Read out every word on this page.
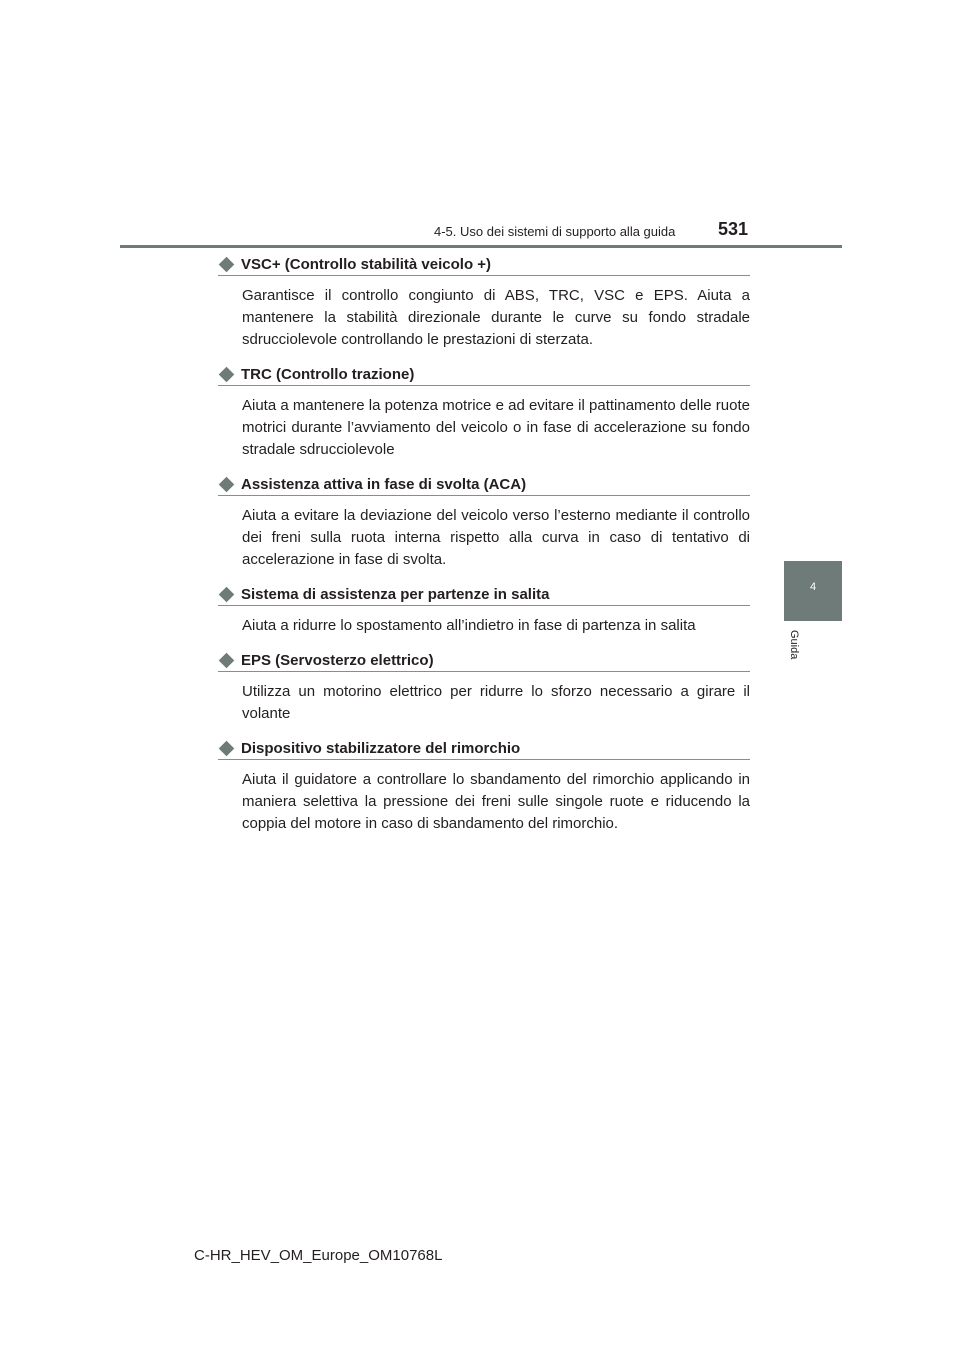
4-5. Uso dei sistemi di supporto alla guida 531
4
Guida
VSC+ (Controllo stabilità veicolo +)
Garantisce il controllo congiunto di ABS, TRC, VSC e EPS. Aiuta a mantenere la stabilità direzionale durante le curve su fondo stradale sdrucciolevole controllando le prestazioni di sterzata.
TRC (Controllo trazione)
Aiuta a mantenere la potenza motrice e ad evitare il pattinamento delle ruote motrici durante l’avviamento del veicolo o in fase di accelerazione su fondo stradale sdrucciolevole
Assistenza attiva in fase di svolta (ACA)
Aiuta a evitare la deviazione del veicolo verso l’esterno mediante il controllo dei freni sulla ruota interna rispetto alla curva in caso di tentativo di accelerazione in fase di svolta.
Sistema di assistenza per partenze in salita
Aiuta a ridurre lo spostamento all’indietro in fase di partenza in salita
EPS (Servosterzo elettrico)
Utilizza un motorino elettrico per ridurre lo sforzo necessario a girare il volante
Dispositivo stabilizzatore del rimorchio
Aiuta il guidatore a controllare lo sbandamento del rimorchio applicando in maniera selettiva la pressione dei freni sulle singole ruote e riducendo la coppia del motore in caso di sbandamento del rimorchio.
C-HR_HEV_OM_Europe_OM10768L
